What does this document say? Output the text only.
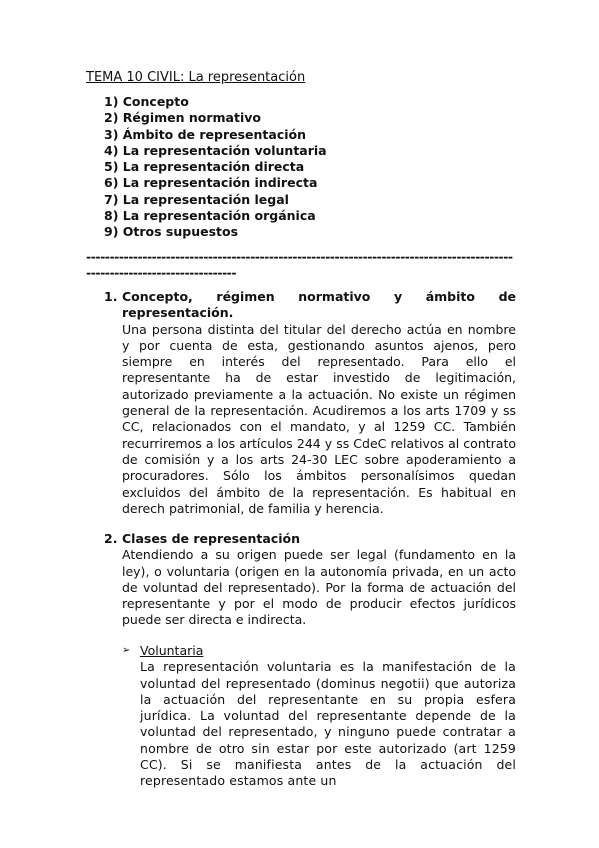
TEMA 10 CIVIL: La representación
1) Concepto
2) Régimen normativo
3) Ámbito de representación
4) La representación voluntaria
5) La representación directa
6) La representación indirecta
7) La representación legal
8) La representación orgánica
9) Otros supuestos
---------------------------------------------------------------------------------------------------------------------------
1. Concepto, régimen normativo y ámbito de representación.
Una persona distinta del titular del derecho actúa en nombre y por cuenta de esta, gestionando asuntos ajenos, pero siempre en interés del representado. Para ello el representante ha de estar investido de legitimación, autorizado previamente a la actuación. No existe un régimen general de la representación. Acudiremos a los arts 1709 y ss CC, relacionados con el mandato, y al 1259 CC. También recurriremos a los artículos 244 y ss CdeC relativos al contrato de comisión y a los arts 24-30 LEC sobre apoderamiento a procuradores. Sólo los ámbitos personalísimos quedan excluidos del ámbito de la representación. Es habitual en derech patrimonial, de familia y herencia.
2. Clases de representación
Atendiendo a su origen puede ser legal (fundamento en la ley), o voluntaria (origen en la autonomía privada, en un acto de voluntad del representado). Por la forma de actuación del representante y por el modo de producir efectos jurídicos puede ser directa e indirecta.
➢ Voluntaria
La representación voluntaria es la manifestación de la voluntad del representado (dominus negotii) que autoriza la actuación del representante en su propia esfera jurídica. La voluntad del representante depende de la voluntad del representado, y ninguno puede contratar a nombre de otro sin estar por este autorizado (art 1259 CC). Si se manifiesta antes de la actuación del representado estamos ante un
